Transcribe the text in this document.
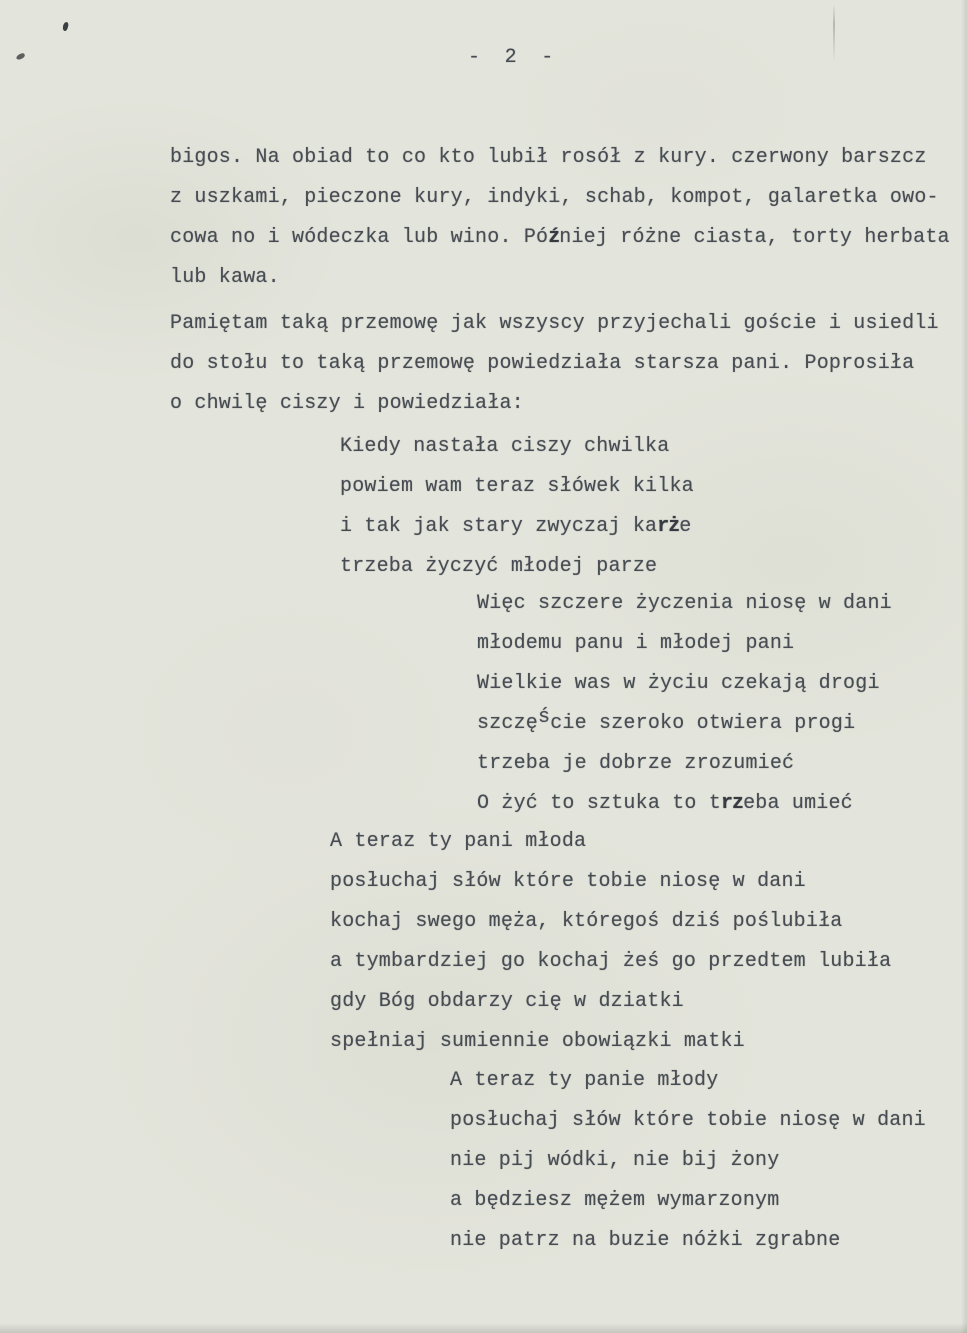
-  2  -
bigos. Na obiad to co kto lubił rosół z kury. czerwony barszcz
z uszkami, pieczone kury, indyki, schab, kompot, galaretka owo-
cowa no i wódeczka lub wino. Później różne ciasta, torty herbata
lub kawa.
Pamiętam taką przemowę jak wszyscy przyjechali goście i usiedli
do stołu to taką przemowę powiedziała starsza pani. Poprosiła
o chwilę ciszy i powiedziała:
Kiedy nastała ciszy chwilka
powiem wam teraz słówek kilka
i tak jak stary zwyczaj karże
trzeba życzyć młodej parze
Więc szczere życzenia niosę w dani
młodemu panu i młodej pani
Wielkie was w życiu czekają drogi
szczęście szeroko otwiera progi
trzeba je dobrze zrozumieć
O żyć to sztuka to trzeba umieć
A teraz ty pani młoda
posłuchaj słów które tobie niosę w dani
kochaj swego męża, któregoś dziś poślubiła
a tymbardziej go kochaj żeś go przedtem lubiła
gdy Bóg obdarzy cię w dziatki
spełniaj sumiennie obowiązki matki
A teraz ty panie młody
posłuchaj słów które tobie niosę w dani
nie pij wódki, nie bij żony
a będziesz mężem wymarzonym
nie patrz na buzie nóżki zgrabne
